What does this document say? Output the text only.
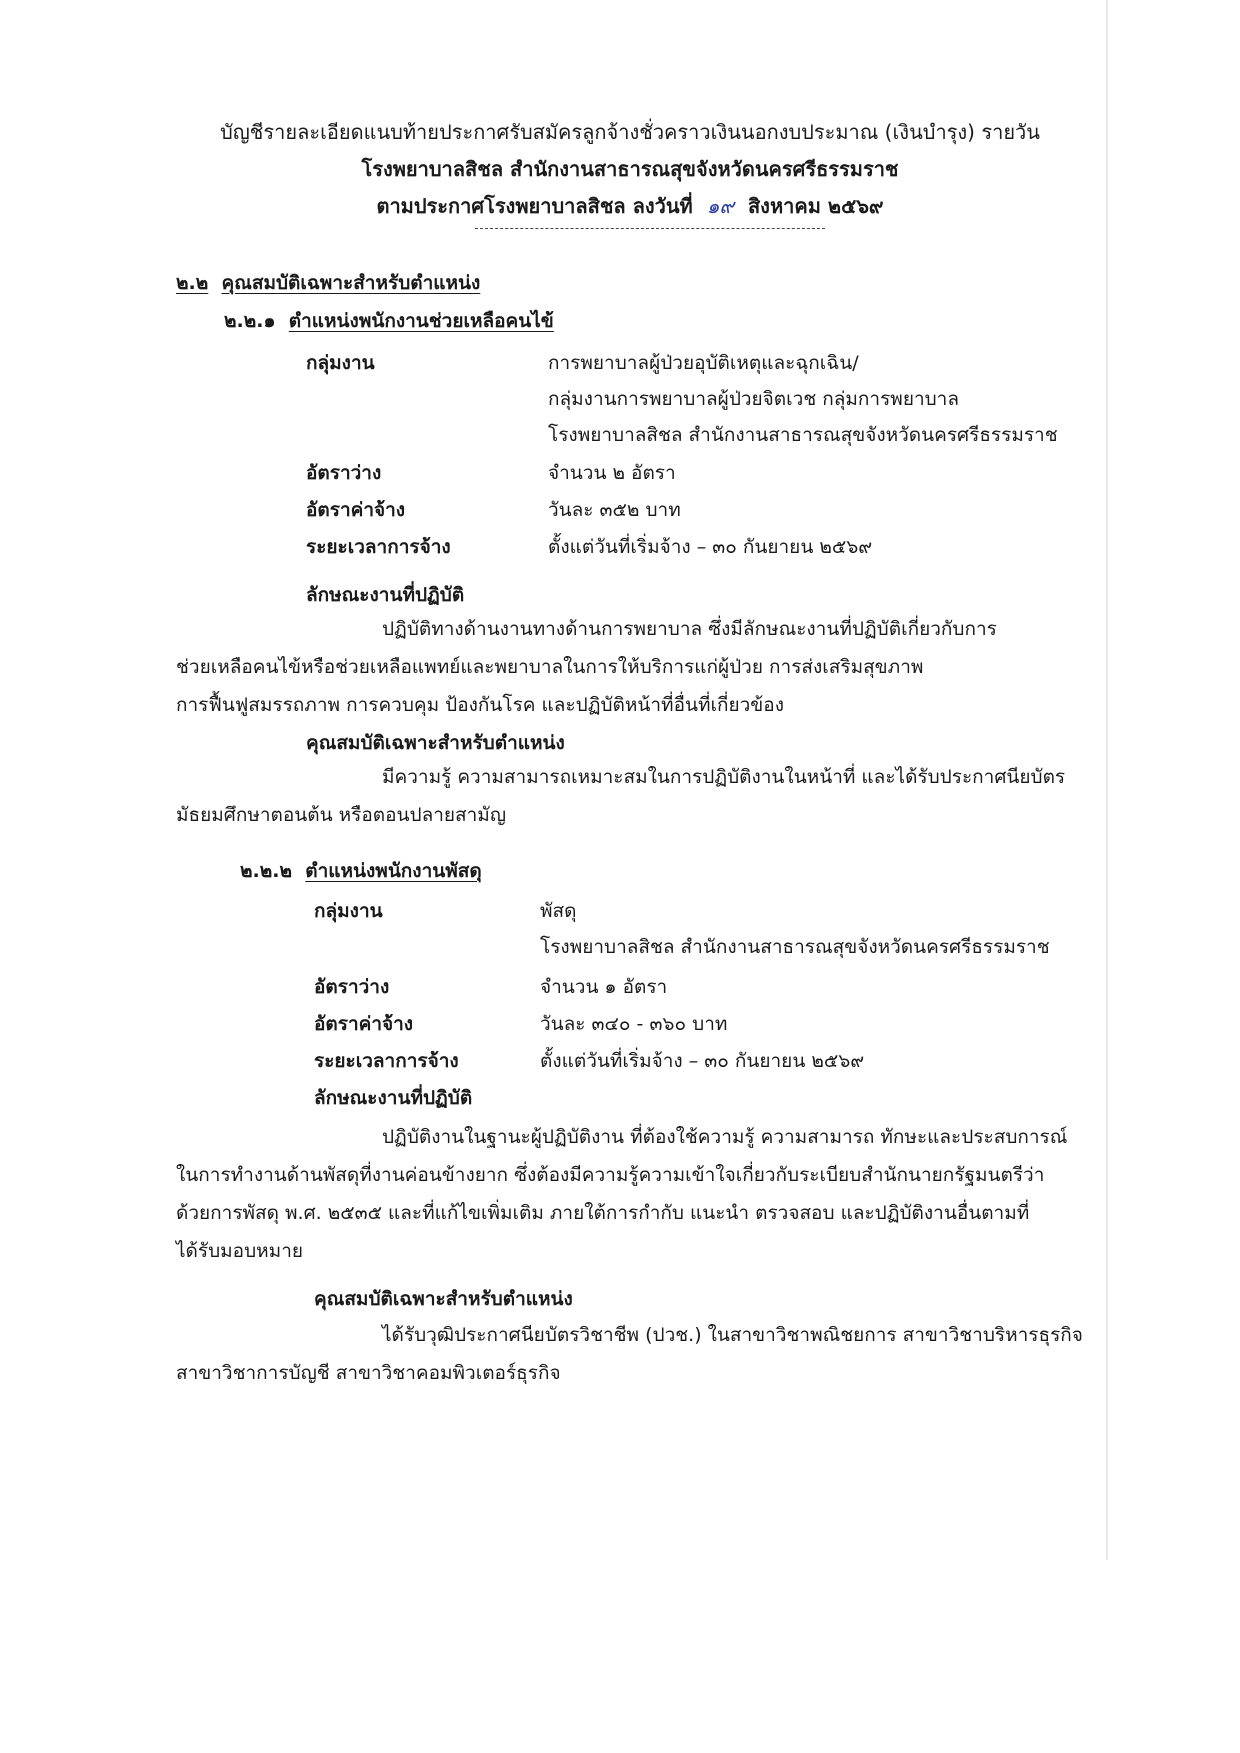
บัญชีรายละเอียดแนบท้ายประกาศรับสมัครลูกจ้างชั่วคราวเงินนอกงบประมาณ (เงินบำรุง) รายวัน
โรงพยาบาลสิชล สำนักงานสาธารณสุขจังหวัดนครศรีธรรมราช
ตามประกาศโรงพยาบาลสิชล ลงวันที่ ๑๙ สิงหาคม ๒๕๖๙
๒.๒ คุณสมบัติเฉพาะสำหรับตำแหน่ง
๒.๒.๑ ตำแหน่งพนักงานช่วยเหลือคนไข้
กลุ่มงาน	การพยาบาลผู้ป่วยอุบัติเหตุและฉุกเฉิน/
กลุ่มงานการพยาบาลผู้ป่วยจิตเวช กลุ่มการพยาบาล
โรงพยาบาลสิชล สำนักงานสาธารณสุขจังหวัดนครศรีธรรมราช
อัตราว่าง	จำนวน ๒ อัตรา
อัตราค่าจ้าง	วันละ ๓๕๒ บาท
ระยะเวลาการจ้าง	ตั้งแต่วันที่เริ่มจ้าง – ๓๐ กันยายน ๒๕๖๙
ลักษณะงานที่ปฏิบัติ

ปฏิบัติทางด้านงานทางด้านการพยาบาล ซึ่งมีลักษณะงานที่ปฏิบัติเกี่ยวกับการ

ช่วยเหลือคนไข้หรือช่วยเหลือแพทย์และพยาบาลในการให้บริการแก่ผู้ป่วย การส่งเสริมสุขภาพ

การฟื้นฟูสมรรถภาพ การควบคุม ป้องกันโรค และปฏิบัติหน้าที่อื่นที่เกี่ยวข้อง

คุณสมบัติเฉพาะสำหรับตำแหน่ง

มีความรู้ ความสามารถเหมาะสมในการปฏิบัติงานในหน้าที่ และได้รับประกาศนียบัตร

มัธยมศึกษาตอนต้น หรือตอนปลายสามัญ

๒.๒.๒ ตำแหน่งพนักงานพัสดุ
กลุ่มงาน	พัสดุ
โรงพยาบาลสิชล สำนักงานสาธารณสุขจังหวัดนครศรีธรรมราช
อัตราว่าง	จำนวน ๑ อัตรา
อัตราค่าจ้าง	วันละ ๓๔๐ - ๓๖๐ บาท
ระยะเวลาการจ้าง	ตั้งแต่วันที่เริ่มจ้าง – ๓๐ กันยายน ๒๕๖๙
ลักษณะงานที่ปฏิบัติ

ปฏิบัติงานในฐานะผู้ปฏิบัติงาน ที่ต้องใช้ความรู้ ความสามารถ ทักษะและประสบการณ์

ในการทำงานด้านพัสดุที่งานค่อนข้างยาก ซึ่งต้องมีความรู้ความเข้าใจเกี่ยวกับระเบียบสำนักนายกรัฐมนตรีว่า

ด้วยการพัสดุ พ.ศ. ๒๕๓๕ และที่แก้ไขเพิ่มเติม ภายใต้การกำกับ แนะนำ ตรวจสอบ และปฏิบัติงานอื่นตามที่

ได้รับมอบหมาย

คุณสมบัติเฉพาะสำหรับตำแหน่ง

ได้รับวุฒิประกาศนียบัตรวิชาชีพ (ปวช.) ในสาขาวิชาพณิชยการ สาขาวิชาบริหารธุรกิจ

สาขาวิชาการบัญชี สาขาวิชาคอมพิวเตอร์ธุรกิจ
